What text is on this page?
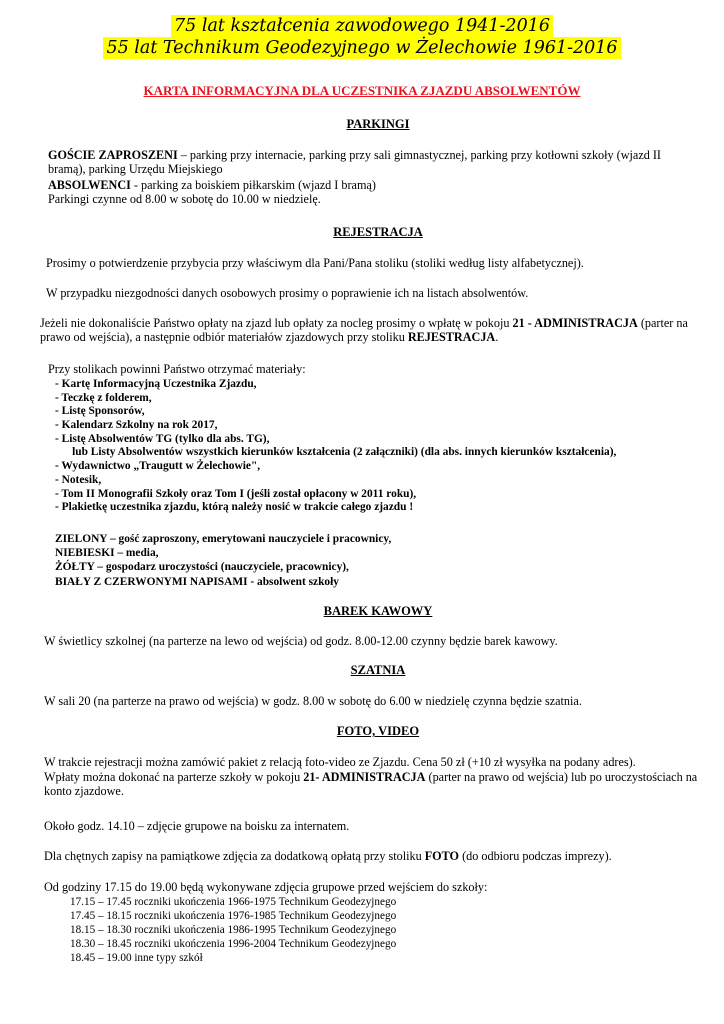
75 lat kształcenia zawodowego 1941-2016
55 lat Technikum Geodezyjnego w Żelechowie 1961-2016
KARTA INFORMACYJNA DLA UCZESTNIKA ZJAZDU ABSOLWENTÓW
PARKINGI

GOŚCIE ZAPROSZENI – parking przy internacie, parking przy sali gimnastycznej, parking przy kotłowni szkoły (wjazd II bramą), parking Urzędu Miejskiego

ABSOLWENCI - parking za boiskiem piłkarskim (wjazd I bramą)

Parkingi czynne od 8.00 w sobotę do 10.00 w niedzielę.

REJESTRACJA

Prosimy o potwierdzenie przybycia przy właściwym dla Pani/Pana stoliku (stoliki według listy alfabetycznej).

W przypadku niezgodności danych osobowych prosimy o poprawienie ich na listach absolwentów.

Jeżeli nie dokonaliście Państwo opłaty na zjazd lub opłaty za nocleg prosimy o wpłatę w pokoju 21 - ADMINISTRACJA (parter na prawo od wejścia), a następnie odbiór materiałów zjazdowych przy stoliku REJESTRACJA.

Przy stolikach powinni Państwo otrzymać materiały:

- Kartę Informacyjną Uczestnika Zjazdu,
- Teczkę z folderem,
- Listę Sponsorów,
- Kalendarz Szkolny na rok 2017,
- Listę Absolwentów TG (tylko dla abs. TG),
lub Listy Absolwentów wszystkich kierunków kształcenia (2 załączniki) (dla abs. innych kierunków kształcenia),
- Wydawnictwo „Traugutt w Żelechowie",
- Notesik,
- Tom II Monografii Szkoły oraz Tom I (jeśli został opłacony w 2011 roku),
- Plakietkę uczestnika zjazdu, którą należy nosić w trakcie całego zjazdu !
ZIELONY – gość zaproszony, emerytowani nauczyciele i pracownicy,
NIEBIESKI – media,
ŻÓŁTY – gospodarz uroczystości (nauczyciele, pracownicy),
BIAŁY Z CZERWONYMI NAPISAMI - absolwent szkoły
BAREK KAWOWY

W świetlicy szkolnej (na parterze na lewo od wejścia) od godz. 8.00-12.00 czynny będzie barek kawowy.

SZATNIA

W sali 20 (na parterze na prawo od wejścia) w godz. 8.00 w sobotę do 6.00 w niedzielę czynna będzie szatnia.

FOTO, VIDEO

W trakcie rejestracji można zamówić pakiet z relacją foto-video ze Zjazdu. Cena 50 zł (+10 zł wysyłka na podany adres).

Wpłaty można dokonać na parterze szkoły w pokoju 21- ADMINISTRACJA (parter na prawo od wejścia) lub po uroczystościach na konto zjazdowe.

Około godz. 14.10 – zdjęcie grupowe na boisku za internatem.

Dla chętnych zapisy na pamiątkowe zdjęcia za dodatkową opłatą przy stoliku FOTO (do odbioru podczas imprezy).

Od godziny 17.15 do 19.00 będą wykonywane zdjęcia grupowe przed wejściem do szkoły:

17.15 – 17.45 roczniki ukończenia 1966-1975 Technikum Geodezyjnego
17.45 – 18.15 roczniki ukończenia 1976-1985 Technikum Geodezyjnego
18.15 – 18.30 roczniki ukończenia 1986-1995 Technikum Geodezyjnego
18.30 – 18.45 roczniki ukończenia 1996-2004 Technikum Geodezyjnego
18.45 – 19.00 inne typy szkół
